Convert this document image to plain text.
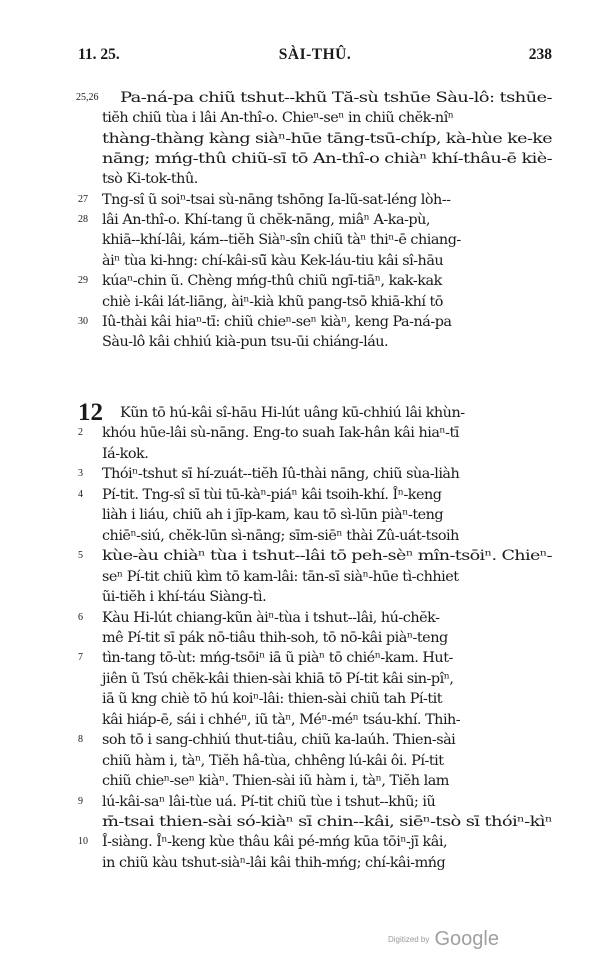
11. 25.	SÀI-THÛ.	238
12
25,26	Pa-ná-pa chiũ tshut--khũ Tă-sù tshūe Sàu-lô: tshūe-
tiĕh chiũ tùa i lâi An-thî-o. Chieⁿ-seⁿ in chiũ chĕk-nîⁿ
thàng-thàng kàng siàⁿ-hūe tāng-tsū-chíp, kà-hùe ke-ke
nāng; mńg-thû chiũ-sī tō An-thî-o chiàⁿ khí-thâu-ē kiè-
tsò Ki-tok-thû.
27 Tng-sî ũ soiⁿ-tsai sù-nāng tshōng Ia-lũ-sat-léng lòh--
28 lâi An-thî-o. Khí-tang ũ chĕk-nāng, miâⁿ A-ka-pù,
khiā--khí-lâi, kám--tiĕh Siàⁿ-sîn chiũ tàⁿ thiⁿ-ē chiang-
àiⁿ tùa ki-hng: chí-kâi-sū̃ kàu Kek-láu-tiu kâi sî-hāu
29 kúaⁿ-chin ũ. Chèng mńg-thû chiũ ngī-tiāⁿ, kak-kak
chiè i-kâi lát-liāng, àiⁿ-kià khũ pang-tsō khiā-khí tō
30 Iû-thài kâi hiaⁿ-tī: chiũ chieⁿ-seⁿ kiàⁿ, keng Pa-ná-pa
Sàu-lô kâi chhiú kià-pun tsu-ūi chiáng-láu.
Kũn tō hú-kâi sî-hāu Hi-lút uâng kū-chhiú lâi khùn-
2	khóu hūe-lâi sù-nāng. Eng-to suah Iak-hân kâi hiaⁿ-tī
Iá-kok.
3	Thóiⁿ-tshut sī hí-zuát--tiĕh Iû-thài nāng, chiũ sùa-liàh
4	Pí-tit. Tng-sî sī tùi tū-kàⁿ-piáⁿ kâi tsoih-khí. Îⁿ-keng
liàh i liáu, chiũ ah i jīp-kam, kau tō sì-lūn piàⁿ-teng
chiēⁿ-siú, chĕk-lūn sì-nāng; sīm-siēⁿ thài Zû-uát-tsoih
5	kùe-àu chiàⁿ tùa i tshut--lâi tō peh-sèⁿ mîn-tsōiⁿ. Chieⁿ-
seⁿ Pí-tit chiũ kìm tō kam-lâi: tān-sī siàⁿ-hūe tì-chhiet
ũi-tiĕh i khí-táu Siàng-tì.
6	Kàu Hi-lút chiang-kũn àiⁿ-tùa i tshut--lâi, hú-chĕk-
mê Pí-tit sī pák nō-tiâu thih-soh, tō nō-kâi piàⁿ-teng
7	tìn-tang tō-ùt: mńg-tsōiⁿ iā ũ piàⁿ tō chiéⁿ-kam. Hut-
jiên ũ Tsú chĕk-kâi thien-sài khiā tō Pí-tit kâi sin-pîⁿ,
iā ũ kng chiè tō hú koiⁿ-lâi: thien-sài chiũ tah Pí-tit
kâi hiáp-ē, sái i chhéⁿ, iũ tàⁿ, Méⁿ-méⁿ tsáu-khí. Thih-
8	soh tō i sang-chhiú thut-tiâu, chiũ ka-laúh. Thien-sài
chiũ hàm i, tàⁿ, Tiĕh hâ-tùa, chhêng lú-kâi ôi. Pí-tit
chiũ chieⁿ-seⁿ kiàⁿ. Thien-sài iũ hàm i, tàⁿ, Tiĕh lam
9	lú-kâi-saⁿ lâi-tùe uá. Pí-tit chiũ tùe i tshut--khũ; iũ
m̄-tsai thien-sài só-kiàⁿ sī chin--kâi, siēⁿ-tsò sī thóiⁿ-kìⁿ
10 Î-siàng. Îⁿ-keng kùe thâu kâi pé-mńg kūa tōiⁿ-jī kâi,
in chiũ kàu tshut-siàⁿ-lâi kâi thih-mńg; chí-kâi-mńg
Digitized by Google
